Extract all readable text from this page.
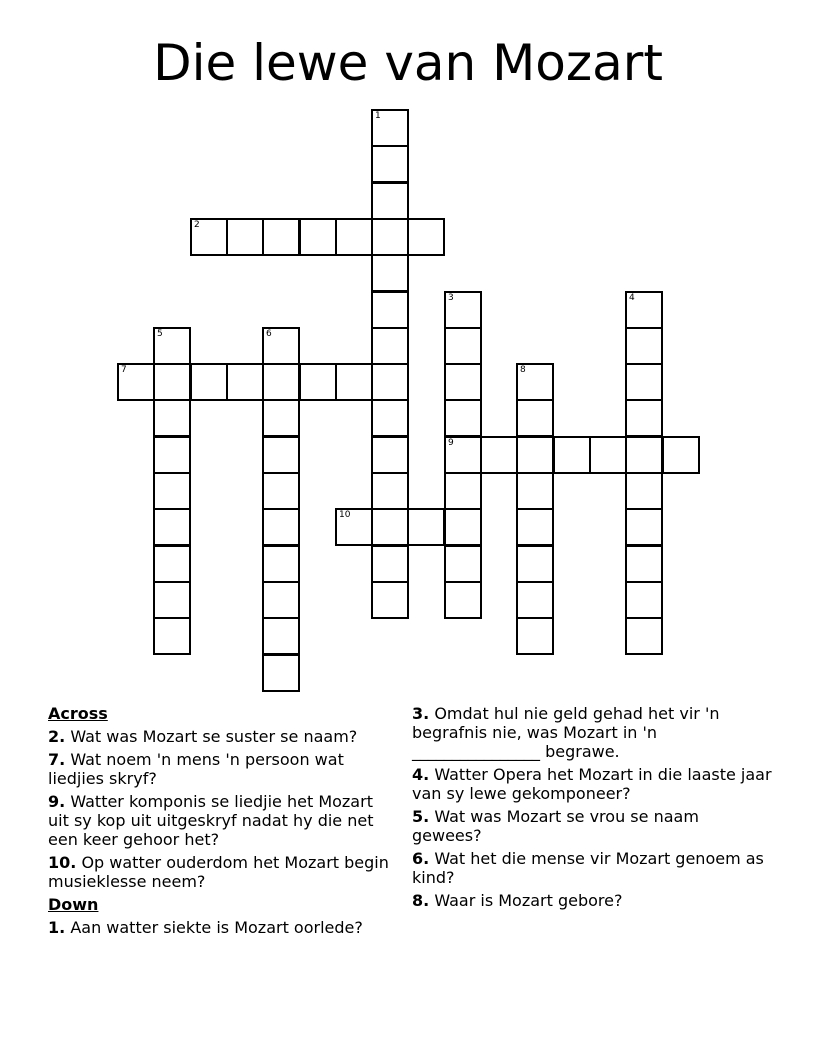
Die lewe van Mozart
1
2
3
9
4
5	6
7	8
10
Across
2. Wat was Mozart se suster se naam?
7. Wat noem 'n mens 'n persoon wat liedjies skryf?
9. Watter komponis se liedjie het Mozart uit sy kop uit uitgeskryf nadat hy die net een keer gehoor het?
10. Op watter ouderdom het Mozart begin musieklesse neem?
Down
1. Aan watter siekte is Mozart oorlede?
3. Omdat hul nie geld gehad het vir 'n begrafnis nie, was Mozart in 'n ________________ begrawe.
4. Watter Opera het Mozart in die laaste jaar van sy lewe gekomponeer?
5. Wat was Mozart se vrou se naam gewees?
6. Wat het die mense vir Mozart genoem as kind?
8. Waar is Mozart gebore?
